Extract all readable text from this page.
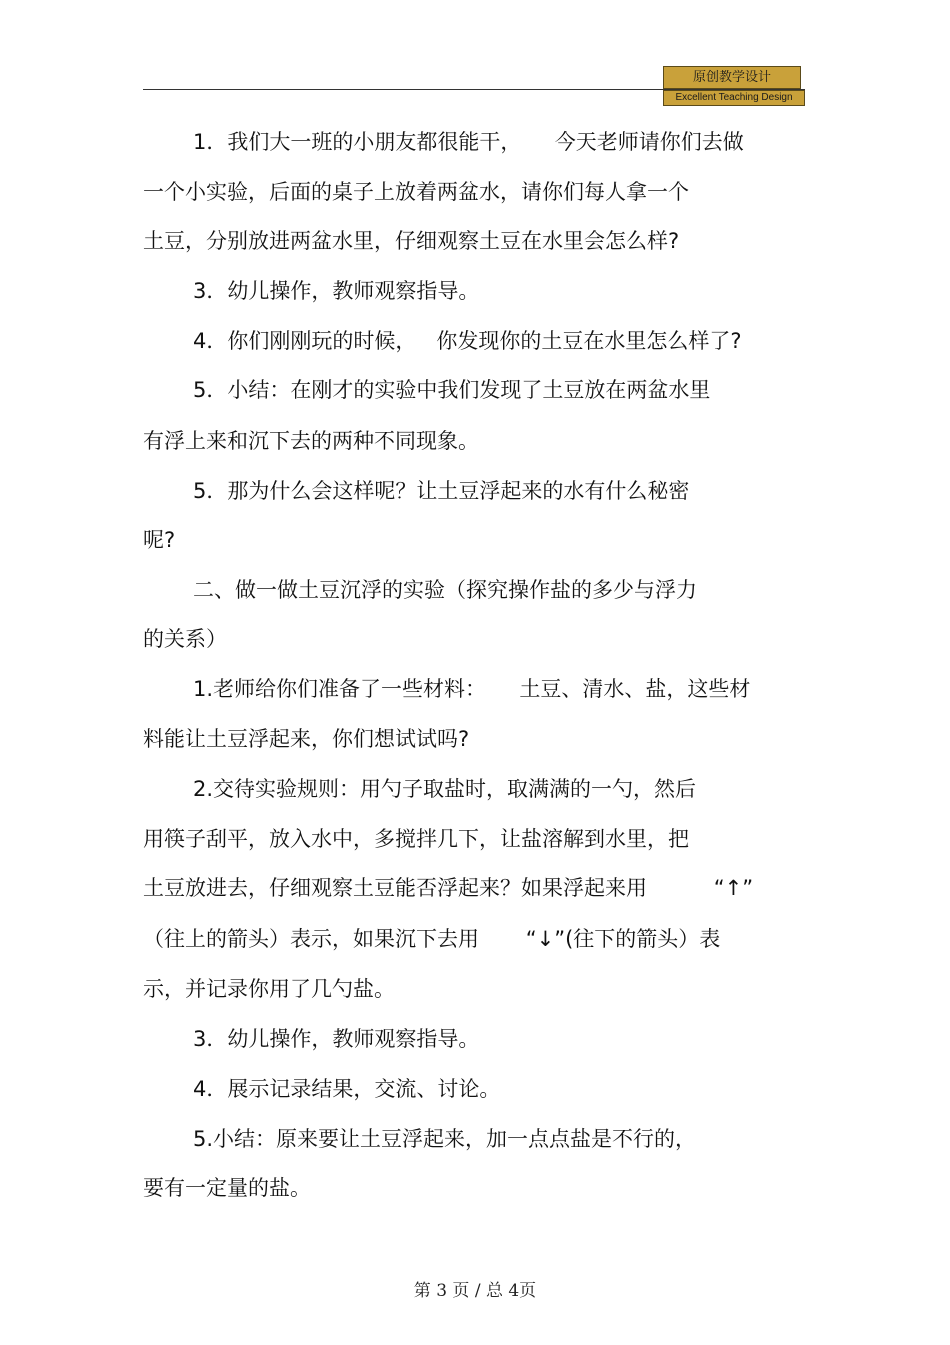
原创教学设计
Excellent Teaching Design
1．我们大一班的小朋友都很能干，     今天老师请你们去做
一个小实验，后面的桌子上放着两盆水，请你们每人拿一个
土豆，分别放进两盆水里，仔细观察土豆在水里会怎么样?
3．幼儿操作，教师观察指导。
4．你们刚刚玩的时候，   你发现你的土豆在水里怎么样了?
5．小结：在刚才的实验中我们发现了土豆放在两盆水里
有浮上来和沉下去的两种不同现象。
5．那为什么会这样呢？让土豆浮起来的水有什么秘密
呢?
二、做一做土豆沉浮的实验（探究操作盐的多少与浮力
的关系）
1.老师给你们准备了一些材料：     土豆、清水、盐，这些材
料能让土豆浮起来，你们想试试吗?
2.交待实验规则：用勺子取盐时，取满满的一勺，然后
用筷子刮平，放入水中，多搅拌几下，让盐溶解到水里，把
土豆放进去，仔细观察土豆能否浮起来？如果浮起来用          “↑”
（往上的箭头）表示，如果沉下去用       “↓”(往下的箭头）表
示，并记录你用了几勺盐。
3．幼儿操作，教师观察指导。
4．展示记录结果，交流、讨论。
5.小结：原来要让土豆浮起来，加一点点盐是不行的，
要有一定量的盐。
第 3 页 / 总 4页
